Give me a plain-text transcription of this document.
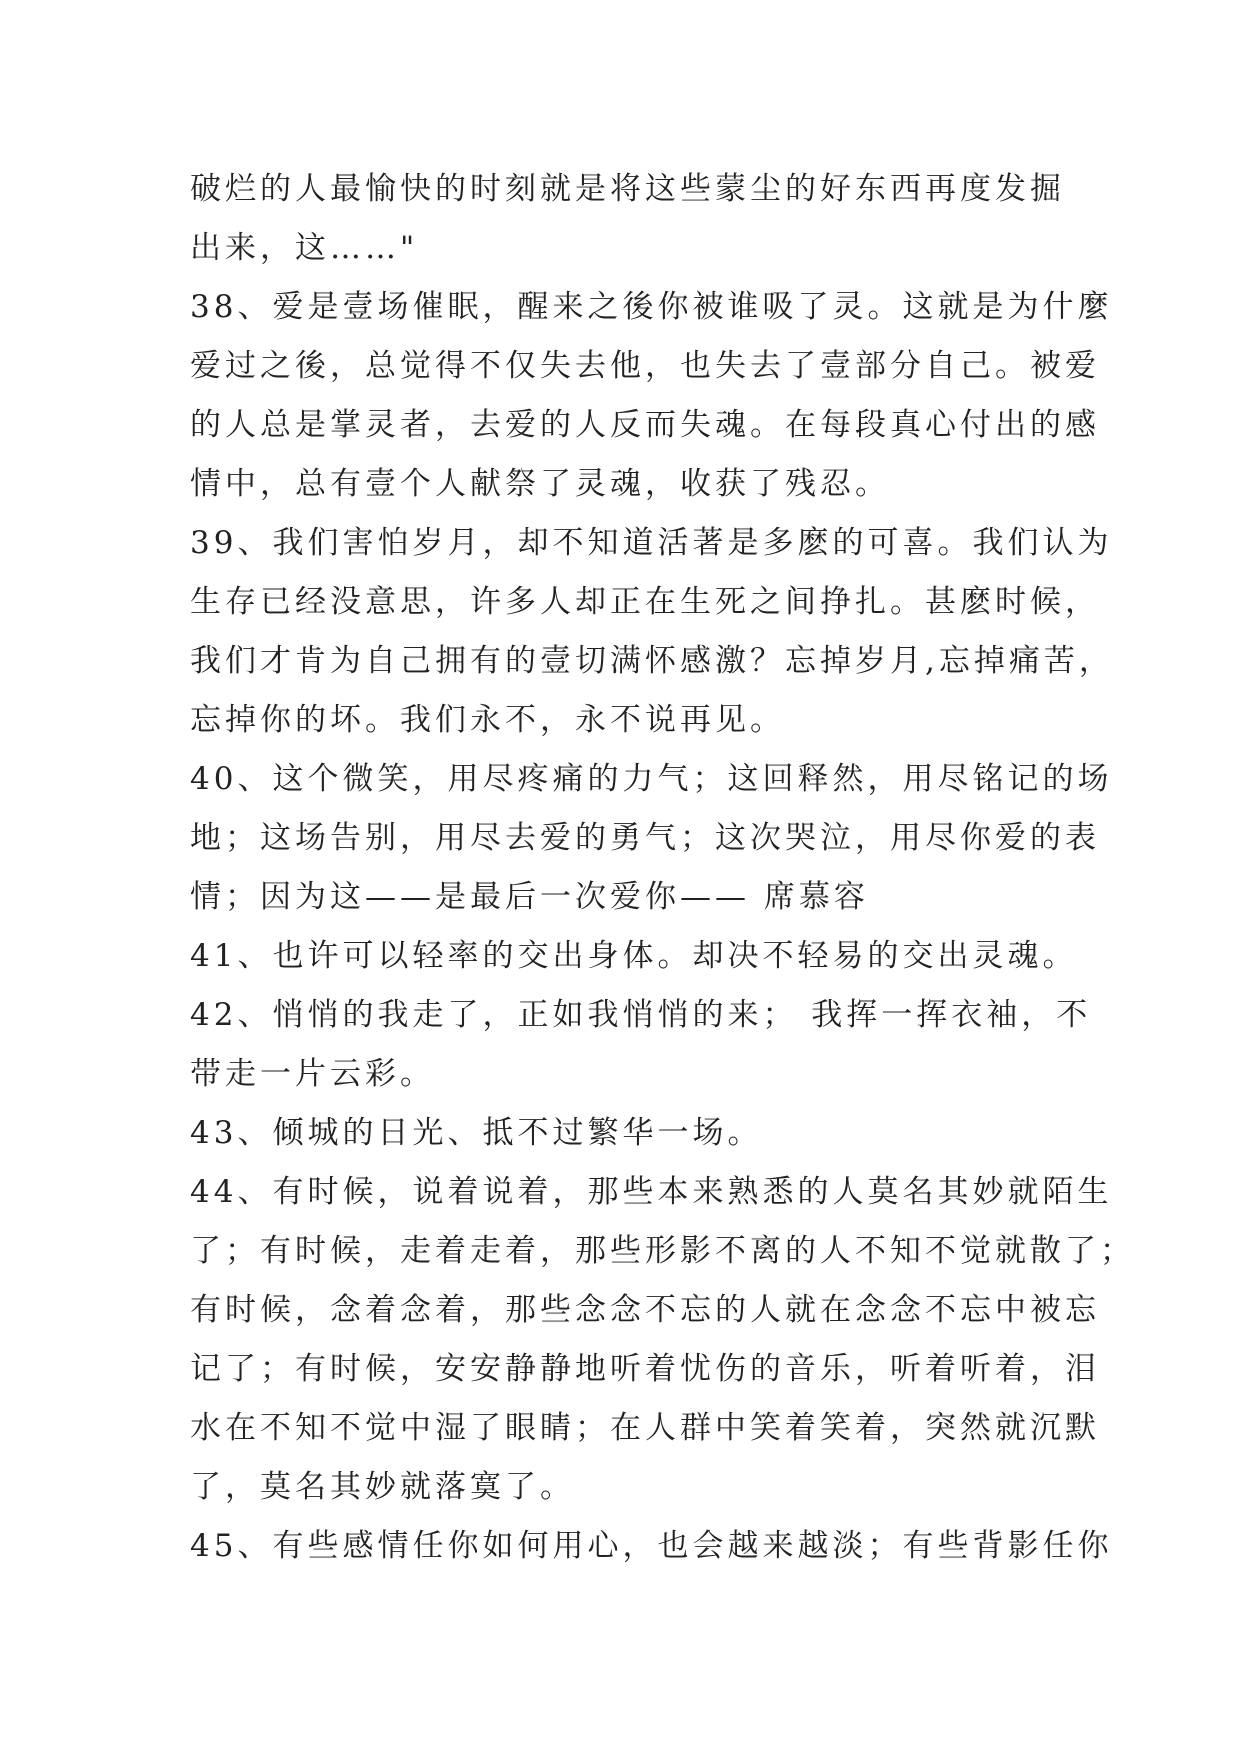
破烂的人最愉快的时刻就是将这些蒙尘的好东西再度发掘
出来，这……"
38、爱是壹场催眠，醒来之後你被谁吸了灵。这就是为什麼
爱过之後，总觉得不仅失去他，也失去了壹部分自己。被爱
的人总是掌灵者，去爱的人反而失魂。在每段真心付出的感
情中，总有壹个人献祭了灵魂，收获了残忍。
39、我们害怕岁月，却不知道活著是多麽的可喜。我们认为
生存已经没意思，许多人却正在生死之间挣扎。甚麽时候，
我们才肯为自己拥有的壹切满怀感激？忘掉岁月,忘掉痛苦，
忘掉你的坏。我们永不，永不说再见。
40、这个微笑，用尽疼痛的力气；这回释然，用尽铭记的场
地；这场告别，用尽去爱的勇气；这次哭泣，用尽你爱的表
情；因为这——是最后一次爱你—— 席慕容
41、也许可以轻率的交出身体。却决不轻易的交出灵魂。
42、悄悄的我走了，正如我悄悄的来； 我挥一挥衣袖，不
带走一片云彩。
43、倾城的日光、抵不过繁华一场。
44、有时候，说着说着，那些本来熟悉的人莫名其妙就陌生
了；有时候，走着走着，那些形影不离的人不知不觉就散了；
有时候，念着念着，那些念念不忘的人就在念念不忘中被忘
记了；有时候，安安静静地听着忧伤的音乐，听着听着，泪
水在不知不觉中湿了眼睛；在人群中笑着笑着，突然就沉默
了，莫名其妙就落寞了。
45、有些感情任你如何用心，也会越来越淡；有些背影任你
